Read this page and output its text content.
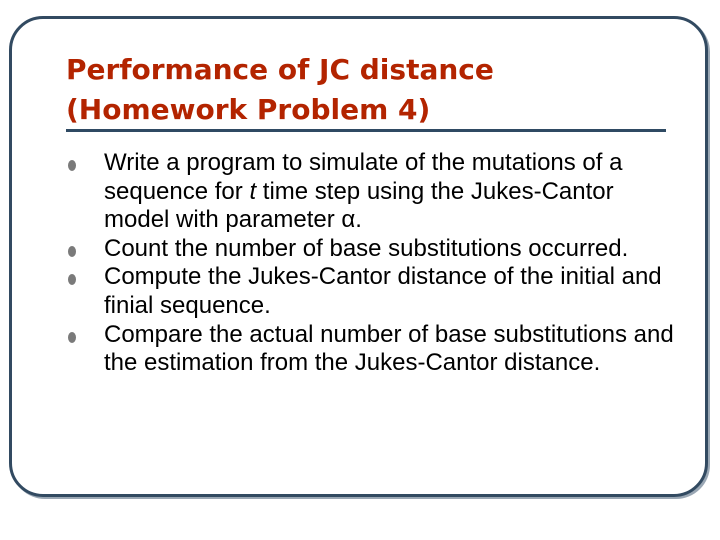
Performance of JC distance
(Homework Problem 4)
Write a program to simulate of the mutations of a sequence for t time step using the Jukes-Cantor model with parameter α.
Count the number of base substitutions occurred.
Compute the Jukes-Cantor distance of the initial and finial sequence.
Compare the actual number of base substitutions and the estimation from the Jukes-Cantor distance.
